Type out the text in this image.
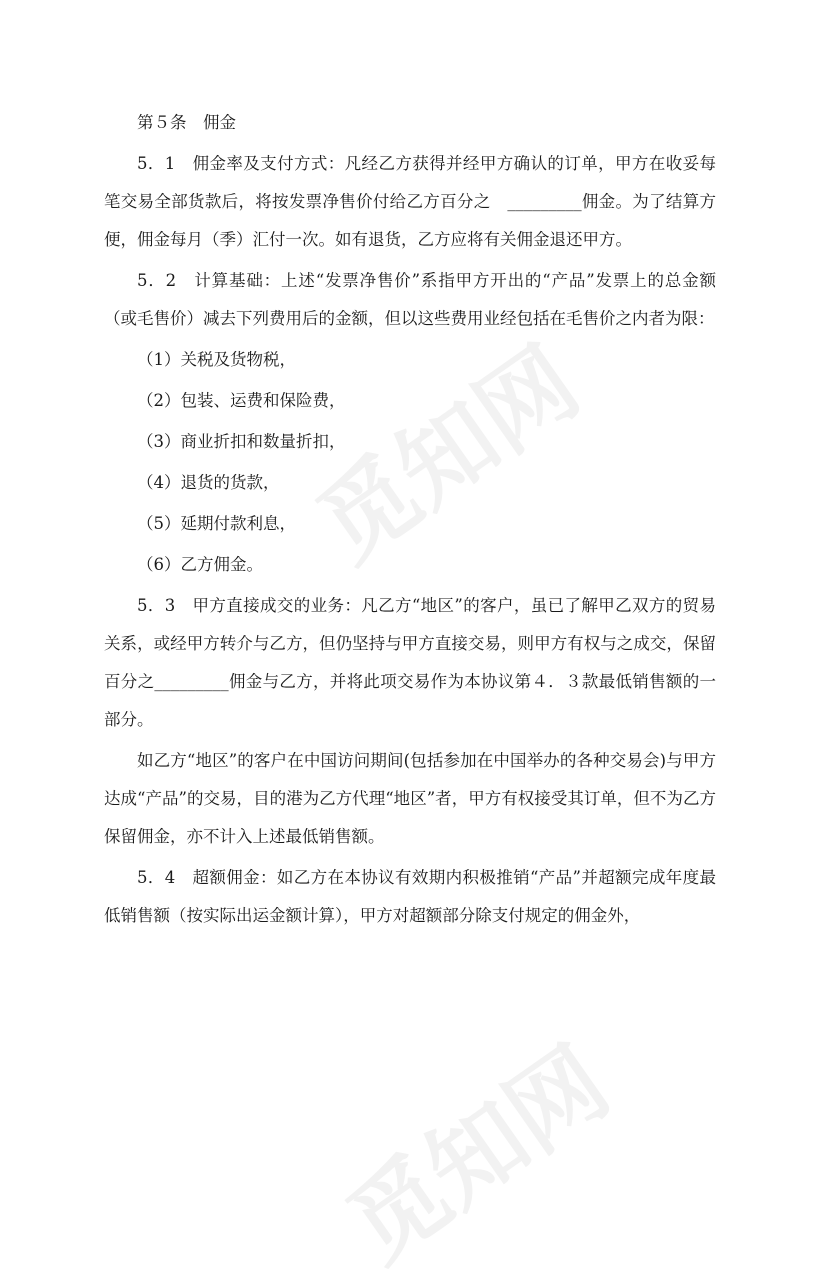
觅知网
觅知网

第５条　佣金

5．1　佣金率及支付方式：凡经乙方获得并经甲方确认的订单，甲方在收妥每笔交易全部货款后，将按发票净售价付给乙方百分之　_________佣金。为了结算方便，佣金每月（季）汇付一次。如有退货，乙方应将有关佣金退还甲方。

5．2　计算基础：上述“发票净售价”系指甲方开出的“产品”发票上的总金额（或毛售价）减去下列费用后的金额，但以这些费用业经包括在毛售价之内者为限：

（1）关税及货物税，

（2）包装、运费和保险费，

（3）商业折扣和数量折扣，

（4）退货的货款，

（5）延期付款利息，

（6）乙方佣金。

5．3　甲方直接成交的业务：凡乙方“地区”的客户，虽已了解甲乙双方的贸易关系，或经甲方转介与乙方，但仍坚持与甲方直接交易，则甲方有权与之成交，保留百分之_________佣金与乙方，并将此项交易作为本协议第４．３款最低销售额的一部分。

如乙方“地区”的客户在中国访问期间(包括参加在中国举办的各种交易会)与甲方达成“产品”的交易，目的港为乙方代理“地区”者，甲方有权接受其订单，但不为乙方保留佣金，亦不计入上述最低销售额。

5．4　超额佣金：如乙方在本协议有效期内积极推销“产品”并超额完成年度最低销售额（按实际出运金额计算），甲方对超额部分除支付规定的佣金外，
